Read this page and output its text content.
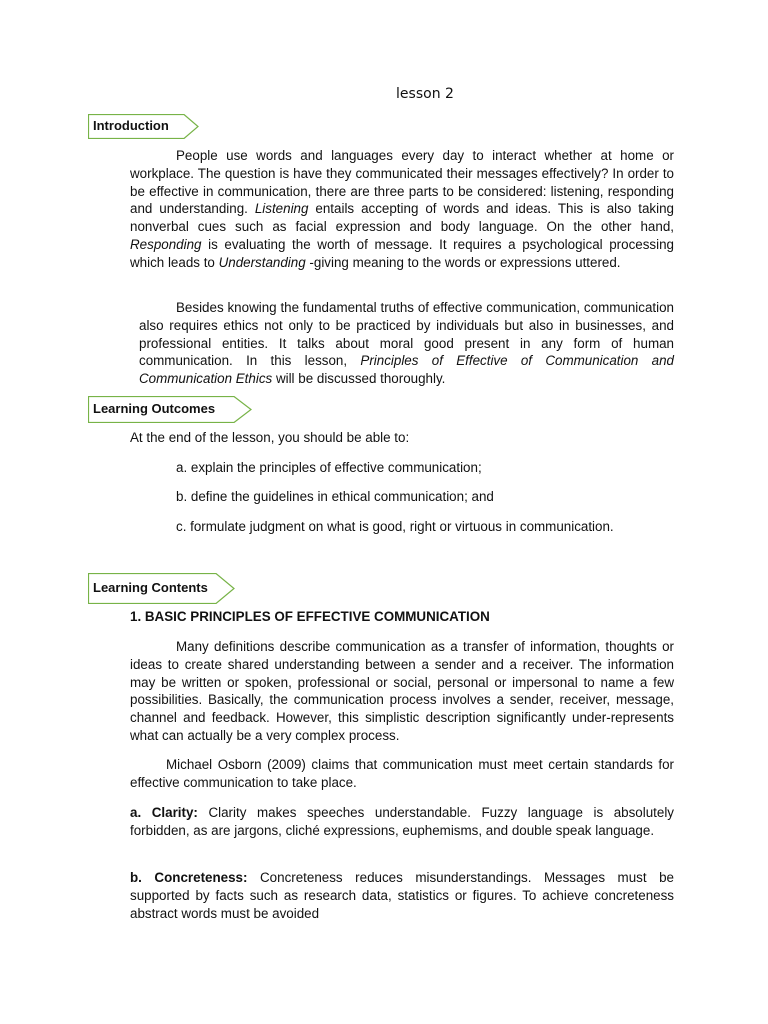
lesson 2
Introduction

People use words and languages every day to interact whether at home or workplace. The question is have they communicated their messages effectively? In order to be effective in communication, there are three parts to be considered: listening, responding and understanding. Listening entails accepting of words and ideas. This is also taking nonverbal cues such as facial expression and body language. On the other hand, Responding is evaluating the worth of message. It requires a psychological processing which leads to Understanding -giving meaning to the words or expressions uttered.

Besides knowing the fundamental truths of effective communication, communication also requires ethics not only to be practiced by individuals but also in businesses, and professional entities. It talks about moral good present in any form of human communication. In this lesson, Principles of Effective of Communication and Communication Ethics will be discussed thoroughly.

Learning Outcomes

At the end of the lesson, you should be able to:

a. explain the principles of effective communication;

b. define the guidelines in ethical communication; and

c. formulate judgment on what is good, right or virtuous in communication.

Learning Contents

1. BASIC PRINCIPLES OF EFFECTIVE COMMUNICATION

Many definitions describe communication as a transfer of information, thoughts or ideas to create shared understanding between a sender and a receiver. The information may be written or spoken, professional or social, personal or impersonal to name a few possibilities. Basically, the communication process involves a sender, receiver, message, channel and feedback. However, this simplistic description significantly under-represents what can actually be a very complex process.

Michael Osborn (2009) claims that communication must meet certain standards for effective communication to take place.

a. Clarity: Clarity makes speeches understandable. Fuzzy language is absolutely forbidden, as are jargons, cliché expressions, euphemisms, and double speak language.

b. Concreteness: Concreteness reduces misunderstandings. Messages must be supported by facts such as research data, statistics or figures. To achieve concreteness abstract words must be avoided
